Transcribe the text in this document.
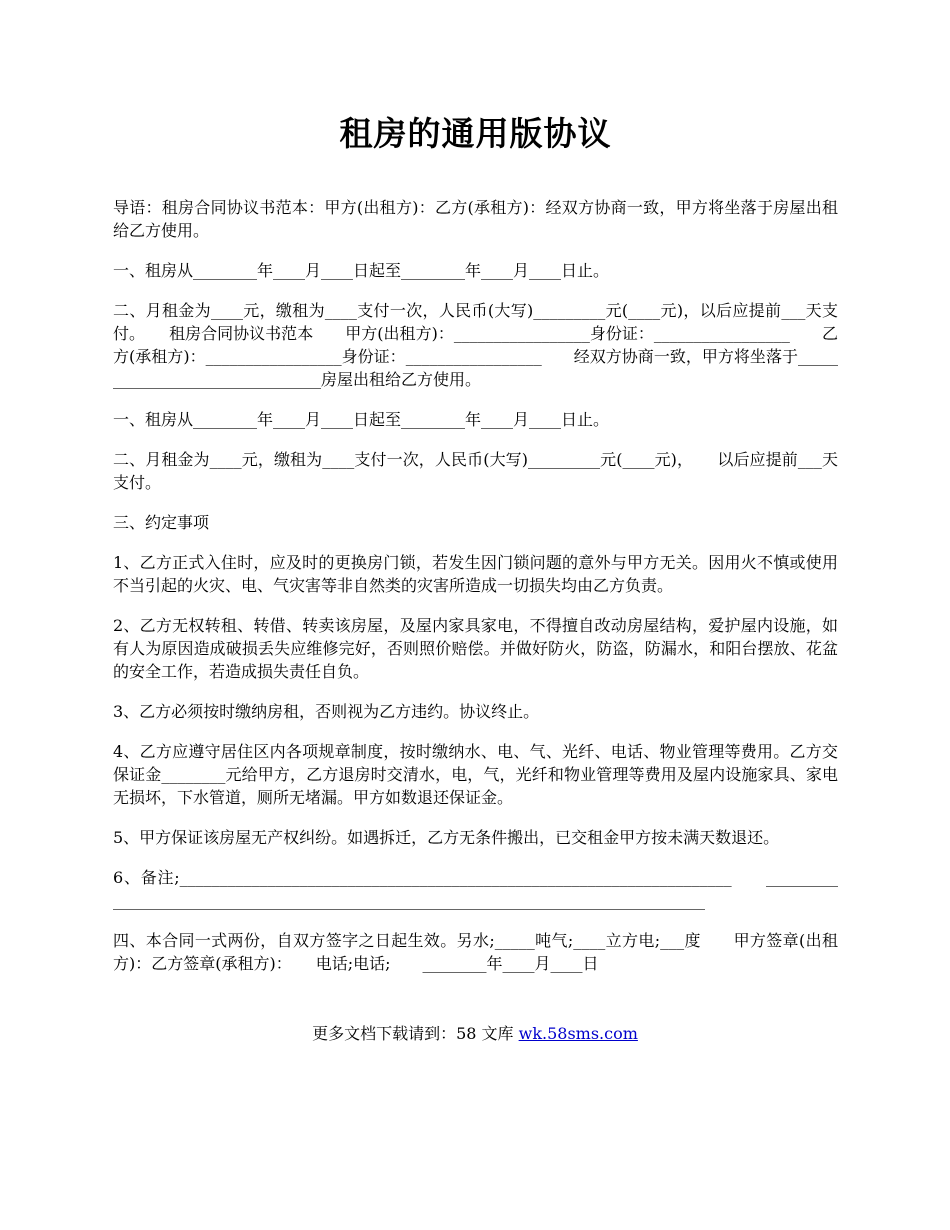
租房的通用版协议

导语：租房合同协议书范本：甲方(出租方)：乙方(承租方)：经双方协商一致，甲方将坐落于房屋出租给乙方使用。

一、租房从________年____月____日起至________年____月____日止。

二、月租金为____元，缴租为____支付一次，人民币(大写)_________元(____元)，以后应提前___天支付。　　租房合同协议书范本　　甲方(出租方)：_________________身份证：_________________　　乙方(承租方)：_________________身份证：_________________　　经双方协商一致，甲方将坐落于_______________________________房屋出租给乙方使用。

一、租房从________年____月____日起至________年____月____日止。

二、月租金为____元，缴租为____支付一次，人民币(大写)_________元(____元)，　　以后应提前___天支付。

三、约定事项

1、乙方正式入住时，应及时的更换房门锁，若发生因门锁问题的意外与甲方无关。因用火不慎或使用不当引起的火灾、电、气灾害等非自然类的灾害所造成一切损失均由乙方负责。

2、乙方无权转租、转借、转卖该房屋，及屋内家具家电，不得擅自改动房屋结构，爱护屋内设施，如有人为原因造成破损丢失应维修完好，否则照价赔偿。并做好防火，防盗，防漏水，和阳台摆放、花盆的安全工作，若造成损失责任自负。

3、乙方必须按时缴纳房租，否则视为乙方违约。协议终止。

4、乙方应遵守居住区内各项规章制度，按时缴纳水、电、气、光纤、电话、物业管理等费用。乙方交保证金________元给甲方，乙方退房时交清水，电，气，光纤和物业管理等费用及屋内设施家具、家电无损坏，下水管道，厕所无堵漏。甲方如数退还保证金。

5、甲方保证该房屋无产权纠纷。如遇拆迁，乙方无条件搬出，已交租金甲方按未满天数退还。

6、备注;_____________________________________________________________________　　___________________________________________________________________________________

四、本合同一式两份，自双方签字之日起生效。另水;_____吨气;____立方电;___度　　甲方签章(出租方)：乙方签章(承租方)：　　电话;电话;　　________年____月____日

更多文档下载请到：58 文库 wk.58sms.com
